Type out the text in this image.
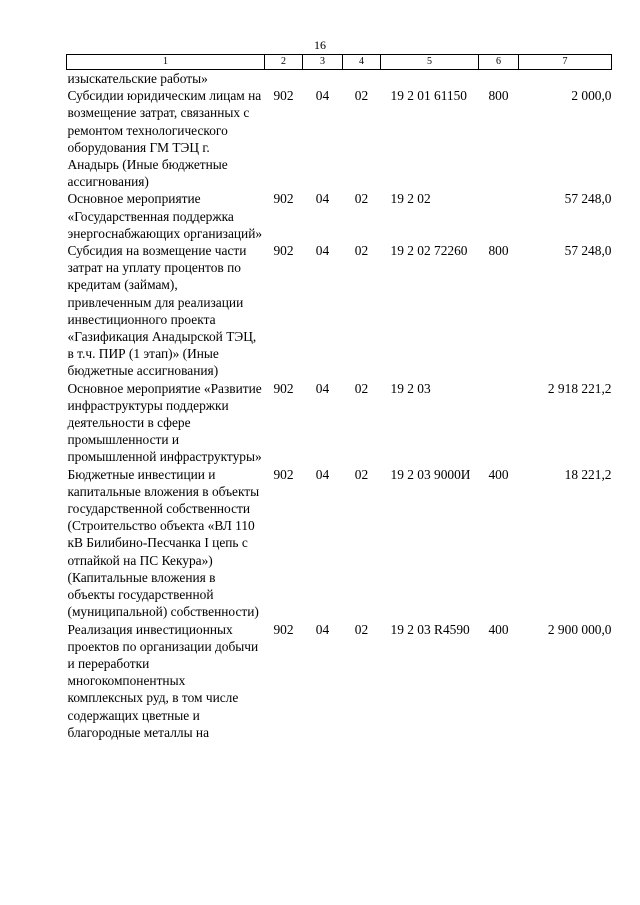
16
1	2	3	4	5	6	7
изыскательские работы»						
Субсидии юридическим лицам на возмещение затрат, связанных с ремонтом технологического оборудования ГМ ТЭЦ г. Анадырь (Иные бюджетные ассигнования)	902	04	02	19 2 01 61150	800	2 000,0
Основное мероприятие «Государственная поддержка энергоснабжающих организаций»	902	04	02	19 2 02		57 248,0
Субсидия на возмещение части затрат на уплату процентов по кредитам (займам), привлеченным для реализации инвестиционного проекта «Газификация Анадырской ТЭЦ, в т.ч. ПИР (1 этап)» (Иные бюджетные ассигнования)	902	04	02	19 2 02 72260	800	57 248,0
Основное мероприятие «Развитие инфраструктуры поддержки деятельности в сфере промышленности и промышленной инфраструктуры»	902	04	02	19 2 03		2 918 221,2
Бюджетные инвестиции и капитальные вложения в объекты государственной собственности (Строительство объекта «ВЛ 110 кВ Билибино-Песчанка I цепь с отпайкой на ПС Кекура») (Капитальные вложения в объекты государственной (муниципальной) собственности)	902	04	02	19 2 03 9000И	400	18 221,2
Реализация инвестиционных проектов по организации добычи и переработки многокомпонентных комплексных руд, в том числе содержащих цветные и благородные металлы на	902	04	02	19 2 03 R4590	400	2 900 000,0
